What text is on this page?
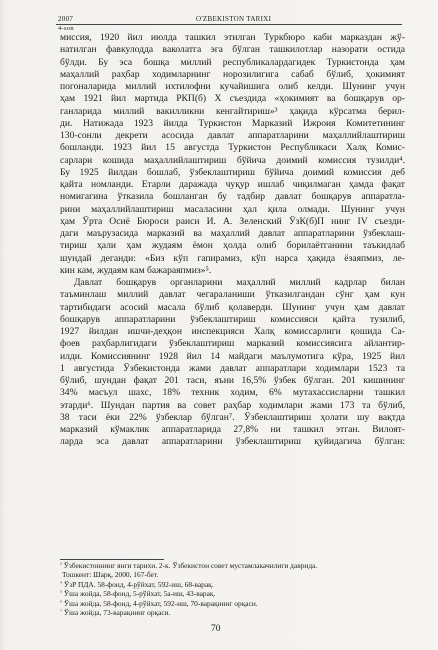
2007
4-son
O'ZBEKISTON TARIXI
миссия, 1920 йил июлда ташкил этилган Туркбюро каби марказдан жў-
натилган фавкулодда ваколатга эга бўлган ташкилотлар назорати остида
бўлди. Бу эса бошқа миллий республикалардагидек Туркистонда ҳам
маҳаллий раҳбар ходимларнинг норозилигига сабаб бўлиб, ҳокимият
погоналарида миллий ихтилофни кучайишига олиб келди. Шунинг учун
ҳам 1921 йил мартида РКП(б) X съездида «ҳокимият ва бошқарув ор-
ганларида миллий вакилликни кенгайтириш»³ ҳақида кўрсатма берил-
ди. Натижада 1923 йилда Туркистон Марказий Ижроия Комитетининг
130-сонли декрети асосида давлат аппаратларини маҳаллийлаштириш
бошланди. 1923 йил 15 августда Туркистон Республикаси Халқ Комис-
сарлари кошида маҳаллийлаштириш бўйича доимий комиссия тузилди⁴.
Бу 1925 йилдан бошлаб, ўзбеклаштириш бўйича доимий комиссия деб
қайта номланди. Етарли даражада чуқур ишлаб чиқилмаган ҳамда фақат
номигагина ўтказила бошланган бу тадбир давлат бошқарув аппаратла-
рини маҳаллийлаштириш масаласини ҳал қила олмади. Шунинг учун
ҳам Ўрта Осиё Бюроси раиси И. А. Зеленский ЎзК(б)П нинг IV съезди-
даги маърузасида марказий ва маҳаллий давлат аппаратларини ўзбеклаш-
тириш ҳали ҳам жудаям ёмон ҳолда олиб борилаётганини таъкидлаб
шундай деганди: «Биз кўп гапирамиз, кўп нарса ҳақида ёзаяпмиз, ле-
кин кам, жудаям кам бажараяпмиз»⁵.
Давлат бошқарув органларини маҳаллий миллий кадрлар билан
таъминлаш миллий давлат чегараланиши ўтказилгандан сўнг ҳам кун
тартибидаги асосий масала бўлиб қолаверди. Шунинг учун ҳам давлат
бошқарув аппаратларини ўзбеклаштириш комиссияси қайта тузилиб,
1927 йилдан ишчи-деҳқон инспекцияси Халқ комиссарлиги қошида Са-
фоев раҳбарлигидаги ўзбеклаштириш марказий комиссиясига айлантир-
илди. Комиссиянинг 1928 йил 14 майдаги маълумотига кўра, 1925 йил
1 августида Ўзбекистонда жами давлат аппаратлари ходимлари 1523 та
бўлиб, шундан фақат 201 таси, яъни 16,5% ўзбек бўлган. 201 кишининг
34% масъул шахс, 18% техник ходим, 6% мутахассисларни ташкил
этарди⁶. Шундан партия ва совет раҳбар ходимлари жами 173 та бўлиб,
38 таси ёки 22% ўзбеклар бўлган⁷. Ўзбеклаштириш ҳолати шу вақтда
марказий кўмаклик аппаратларида 27,8% ни ташкил этган. Вилоят-
ларда эса давлат аппаратларини ўзбеклаштириш қуйидагича бўлган:
$^{^3}$ Ўзбекистоннинг янги тарихи. 2-к. Ўзбекистон совет мустамлакачилиги даврида.
Тошкент: Шарқ, 2000, 167-бет.
$^{^4}$ ЎзР ПДА. 58-фонд, 4-рўйхат, 592-иш, 68-варақ.
$^{^5}$ Ўша жойда, 58-фонд, 5-рўйхат, 5а-иш, 43-варақ.
$^{^6}$ Ўша жойда, 58-фонд, 4-рўйхат, 592-иш, 70-варақнинг орқаси.
$^{^7}$ Ўша жойда, 73-варақнинг орқаси.
70
